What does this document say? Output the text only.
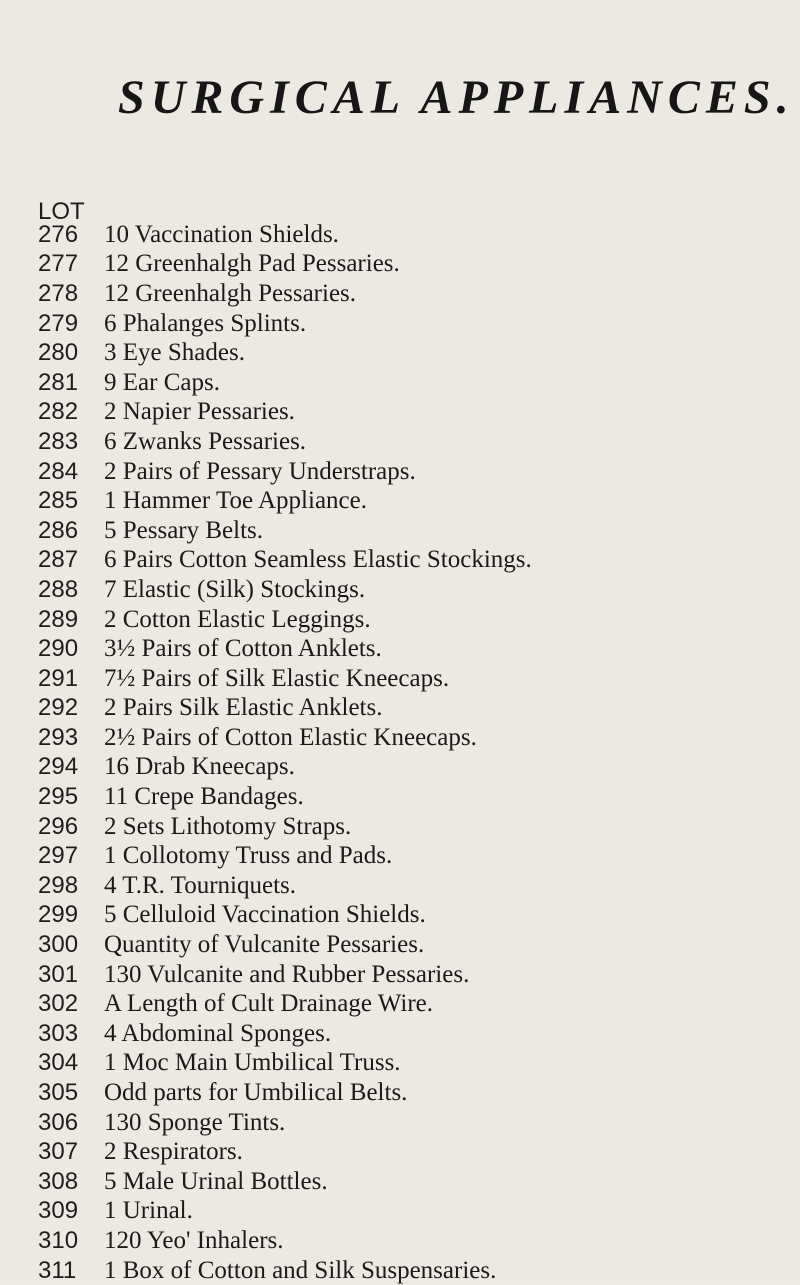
SURGICAL APPLIANCES.
LOT
276	10 Vaccination Shields.
277	12 Greenhalgh Pad Pessaries.
278	12 Greenhalgh Pessaries.
279	6 Phalanges Splints.
280	3 Eye Shades.
281	9 Ear Caps.
282	2 Napier Pessaries.
283	6 Zwanks Pessaries.
284	2 Pairs of Pessary Understraps.
285	1 Hammer Toe Appliance.
286	5 Pessary Belts.
287	6 Pairs Cotton Seamless Elastic Stockings.
288	7 Elastic (Silk) Stockings.
289	2 Cotton Elastic Leggings.
290	3½ Pairs of Cotton Anklets.
291	7½ Pairs of Silk Elastic Kneecaps.
292	2 Pairs Silk Elastic Anklets.
293	2½ Pairs of Cotton Elastic Kneecaps.
294	16 Drab Kneecaps.
295	11 Crepe Bandages.
296	2 Sets Lithotomy Straps.
297	1 Collotomy Truss and Pads.
298	4 T.R. Tourniquets.
299	5 Celluloid Vaccination Shields.
300	Quantity of Vulcanite Pessaries.
301	130 Vulcanite and Rubber Pessaries.
302	A Length of Cult Drainage Wire.
303	4 Abdominal Sponges.
304	1 Moc Main Umbilical Truss.
305	Odd parts for Umbilical Belts.
306	130 Sponge Tints.
307	2 Respirators.
308	5 Male Urinal Bottles.
309	1 Urinal.
310	120 Yeo' Inhalers.
311	1 Box of Cotton and Silk Suspensaries.
